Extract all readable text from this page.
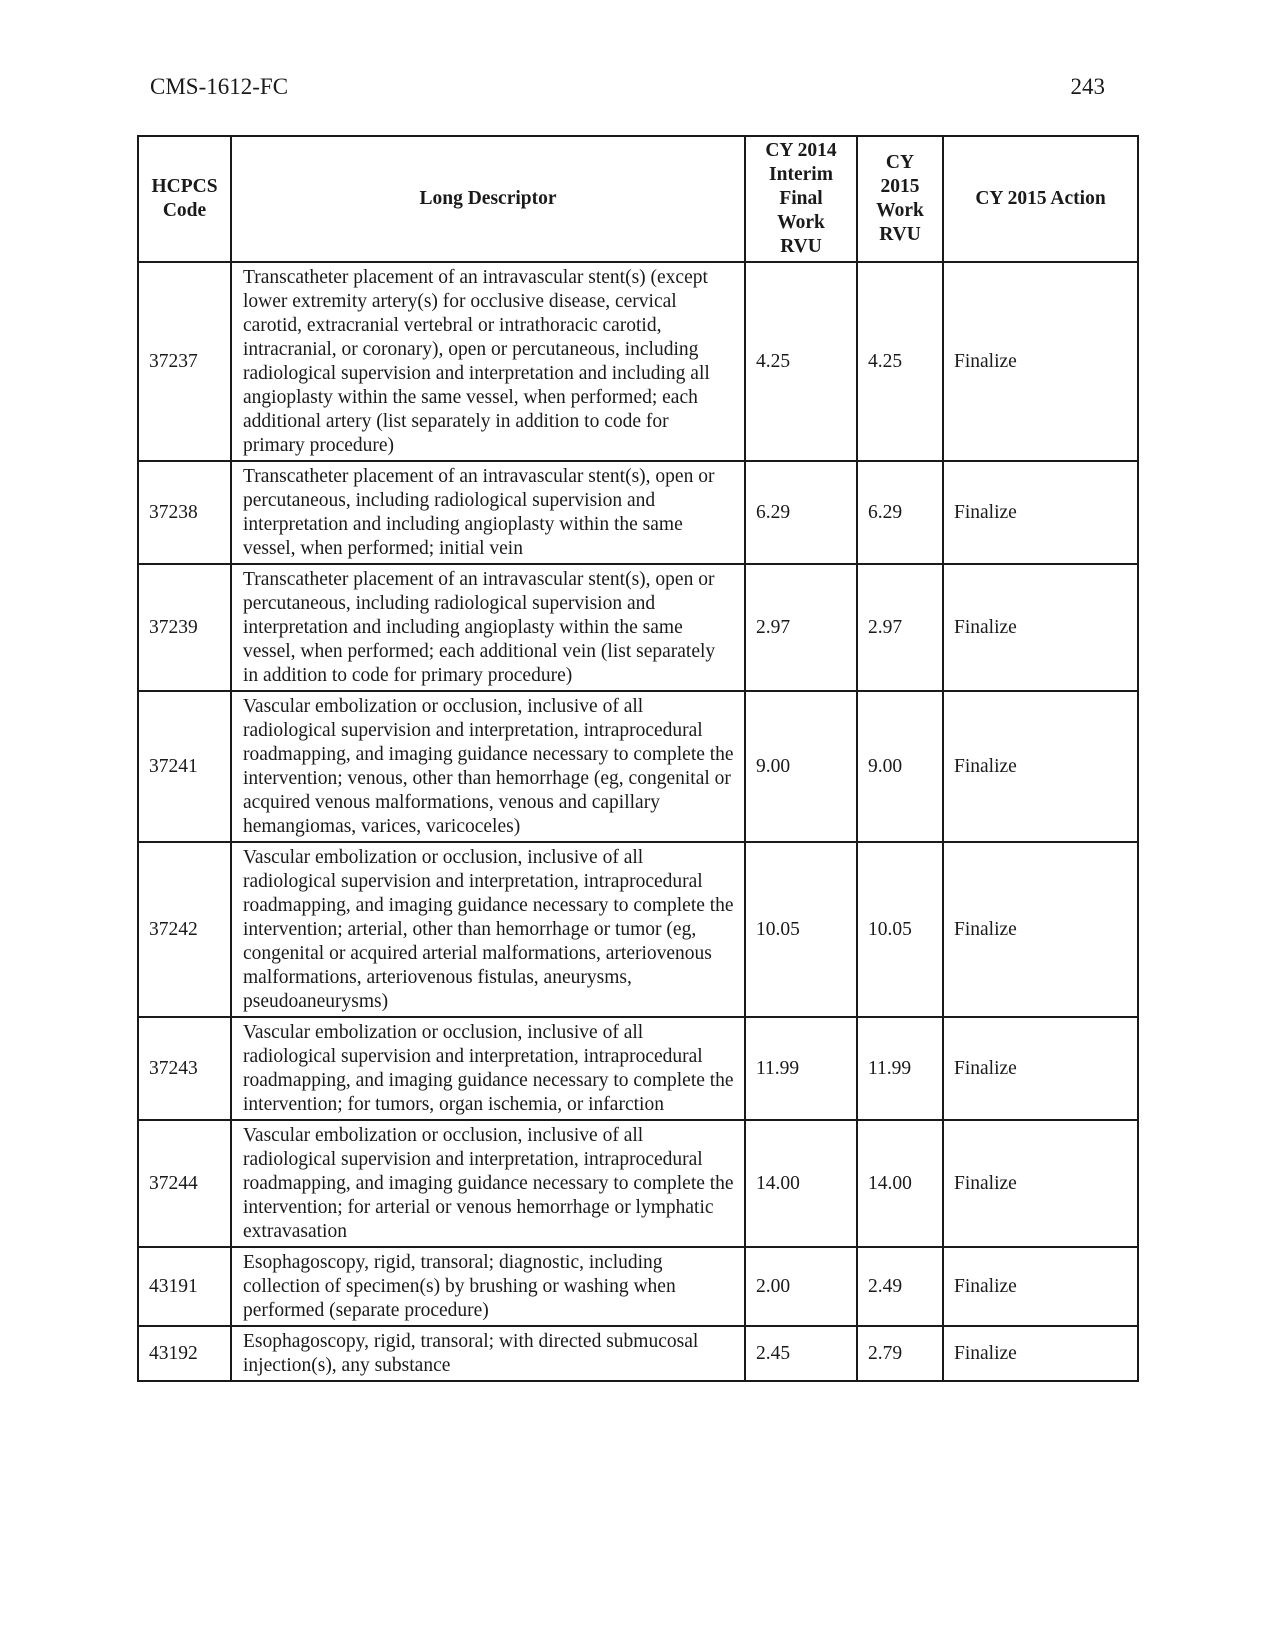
CMS-1612-FC	243
HCPCS
Code	Long Descriptor	CY 2014
Interim
Final
Work
RVU	CY
2015
Work
RVU	CY 2015 Action

37237	Transcatheter placement of an intravascular stent(s) (except lower extremity artery(s) for occlusive disease, cervical carotid, extracranial vertebral or intrathoracic carotid, intracranial, or coronary), open or percutaneous, including radiological supervision and interpretation and including all angioplasty within the same vessel, when performed; each additional artery (list separately in addition to code for primary procedure)	4.25	4.25	Finalize
37238	Transcatheter placement of an intravascular stent(s), open or percutaneous, including radiological supervision and interpretation and including angioplasty within the same vessel, when performed; initial vein	6.29	6.29	Finalize
37239	Transcatheter placement of an intravascular stent(s), open or percutaneous, including radiological supervision and interpretation and including angioplasty within the same vessel, when performed; each additional vein (list separately in addition to code for primary procedure)	2.97	2.97	Finalize
37241	Vascular embolization or occlusion, inclusive of all radiological supervision and interpretation, intraprocedural roadmapping, and imaging guidance necessary to complete the intervention; venous, other than hemorrhage (eg, congenital or acquired venous malformations, venous and capillary hemangiomas, varices, varicoceles)	9.00	9.00	Finalize
37242	Vascular embolization or occlusion, inclusive of all radiological supervision and interpretation, intraprocedural roadmapping, and imaging guidance necessary to complete the intervention; arterial, other than hemorrhage or tumor (eg, congenital or acquired arterial malformations, arteriovenous malformations, arteriovenous fistulas, aneurysms, pseudoaneurysms)	10.05	10.05	Finalize
37243	Vascular embolization or occlusion, inclusive of all radiological supervision and interpretation, intraprocedural roadmapping, and imaging guidance necessary to complete the intervention; for tumors, organ ischemia, or infarction	11.99	11.99	Finalize
37244	Vascular embolization or occlusion, inclusive of all radiological supervision and interpretation, intraprocedural roadmapping, and imaging guidance necessary to complete the intervention; for arterial or venous hemorrhage or lymphatic extravasation	14.00	14.00	Finalize
43191	Esophagoscopy, rigid, transoral; diagnostic, including collection of specimen(s) by brushing or washing when performed (separate procedure)	2.00	2.49	Finalize
43192	Esophagoscopy, rigid, transoral; with directed submucosal injection(s), any substance	2.45	2.79	Finalize
